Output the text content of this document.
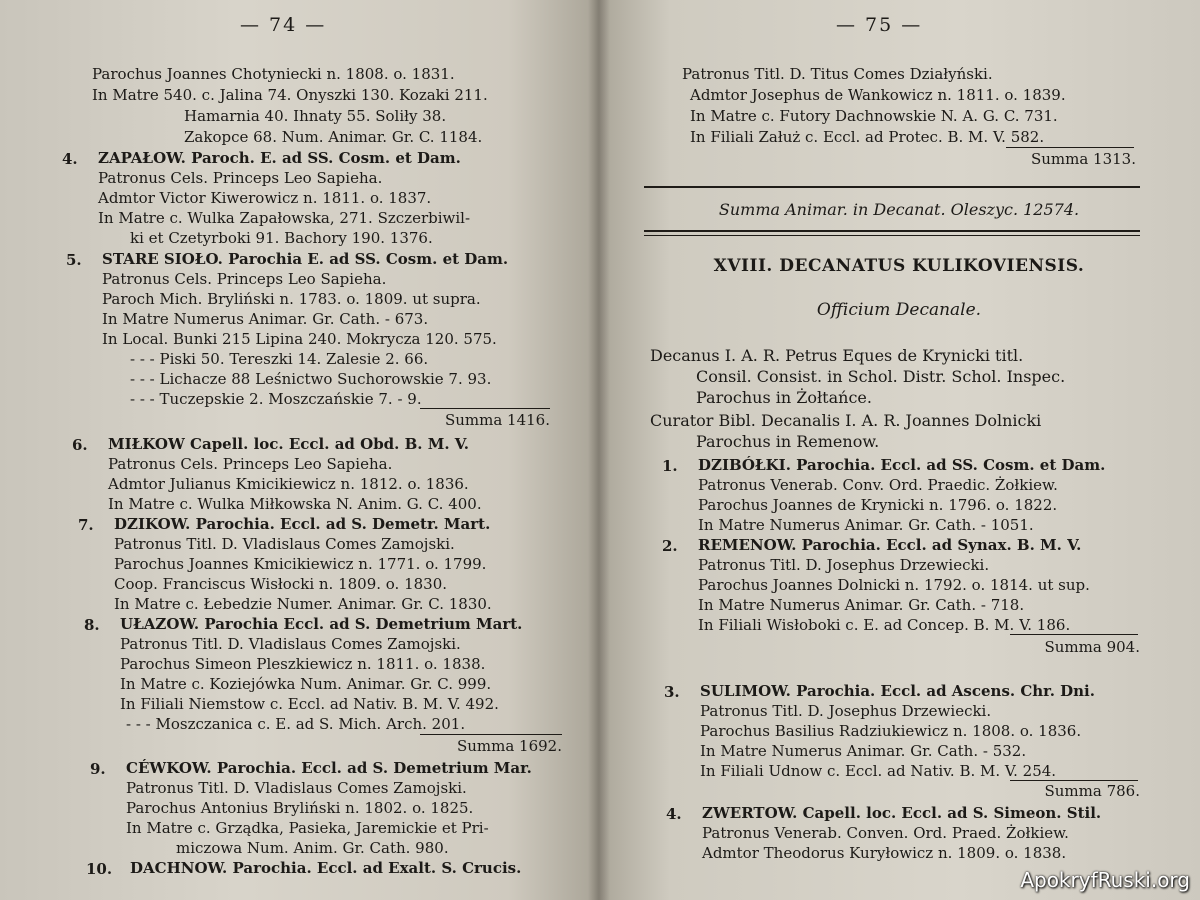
— 74 —
Parochus Joannes Chotyniecki n. 1808. o. 1831.
In Matre 540. c. Jalina 74. Onyszki 130. Kozaki 211.
Hamarnia 40. Ihnaty 55. Soliły 38.
Zakopce 68. Num. Animar. Gr. C. 1184.
4. ZAPAŁOW. Paroch. E. ad SS. Cosm. et Dam.
Patronus Cels. Princeps Leo Sapieha.
Admtor Victor Kiwerowicz n. 1811. o. 1837.
In Matre c. Wulka Zapałowska, 271. Szczerbiwil-
ki et Czetyrboki 91. Bachory 190. 1376.
5. STARE SIOŁO. Parochia E. ad SS. Cosm. et Dam.
Patronus Cels. Princeps Leo Sapieha.
Paroch Mich. Bryliński n. 1783. o. 1809. ut supra.
In Matre Numerus Animar. Gr. Cath. - 673.
In Local. Bunki 215 Lipina 240. Mokrycza 120. 575.
- - - Piski 50. Tereszki 14. Zalesie 2. 66.
- - - Lichacze 88 Leśnictwo Suchorowskie 7. 93.
- - - Tuczepskie 2. Moszczańskie 7. - 9.
Summa 1416.
6. MIŁKOW Capell. loc. Eccl. ad Obd. B. M. V.
Patronus Cels. Princeps Leo Sapieha.
Admtor Julianus Kmicikiewicz n. 1812. o. 1836.
In Matre c. Wulka Miłkowska N. Anim. G. C. 400.
7. DZIKOW. Parochia. Eccl. ad S. Demetr. Mart.
Patronus Titl. D. Vladislaus Comes Zamojski.
Parochus Joannes Kmicikiewicz n. 1771. o. 1799.
Coop. Franciscus Wisłocki n. 1809. o. 1830.
In Matre c. Łebedzie Numer. Animar. Gr. C. 1830.
8. UŁAZOW. Parochia Eccl. ad S. Demetrium Mart.
Patronus Titl. D. Vladislaus Comes Zamojski.
Parochus Simeon Pleszkiewicz n. 1811. o. 1838.
In Matre c. Koziejówka Num. Animar. Gr. C. 999.
In Filiali Niemstow c. Eccl. ad Nativ. B. M. V. 492.
- - - Moszczanica c. E. ad S. Mich. Arch. 201.
Summa 1692.
9. CÉWKOW. Parochia. Eccl. ad S. Demetrium Mar.
Patronus Titl. D. Vladislaus Comes Zamojski.
Parochus Antonius Bryliński n. 1802. o. 1825.
In Matre c. Grządka, Pasieka, Jaremickie et Pri-
miczowa Num. Anim. Gr. Cath. 980.
10. DACHNOW. Parochia. Eccl. ad Exalt. S. Crucis.
— 75 —
Patronus Titl. D. Titus Comes Działyński.
Admtor Josephus de Wankowicz n. 1811. o. 1839.
In Matre c. Futory Dachnowskie N. A. G. C. 731.
In Filiali Załuż c. Eccl. ad Protec. B. M. V. 582.
Summa 1313.
Summa Animar. in Decanat. Oleszyc. 12574.
XVIII. DECANATUS KULIKOVIENSIS.
Officium Decanale.
Decanus I. A. R. Petrus Eques de Krynicki titl.
Consil. Consist. in Schol. Distr. Schol. Inspec.
Parochus in Żołtańce.
Curator Bibl. Decanalis I. A. R. Joannes Dolnicki
Parochus in Remenow.
1. DZIBÓŁKI. Parochia. Eccl. ad SS. Cosm. et Dam.
Patronus Venerab. Conv. Ord. Praedic. Żołkiew.
Parochus Joannes de Krynicki n. 1796. o. 1822.
In Matre Numerus Animar. Gr. Cath. - 1051.
2. REMENOW. Parochia. Eccl. ad Synax. B. M. V.
Patronus Titl. D. Josephus Drzewiecki.
Parochus Joannes Dolnicki n. 1792. o. 1814. ut sup.
In Matre Numerus Animar. Gr. Cath. - 718.
In Filiali Wisłoboki c. E. ad Concep. B. M. V. 186.
Summa 904.
3. SULIMOW. Parochia. Eccl. ad Ascens. Chr. Dni.
Patronus Titl. D. Josephus Drzewiecki.
Parochus Basilius Radziukiewicz n. 1808. o. 1836.
In Matre Numerus Animar. Gr. Cath. - 532.
In Filiali Udnow c. Eccl. ad Nativ. B. M. V. 254.
Summa 786.
4. ZWERTOW. Capell. loc. Eccl. ad S. Simeon. Stil.
Patronus Venerab. Conven. Ord. Praed. Żołkiew.
Admtor Theodorus Kuryłowicz n. 1809. o. 1838.
ApokryfRuski.org
